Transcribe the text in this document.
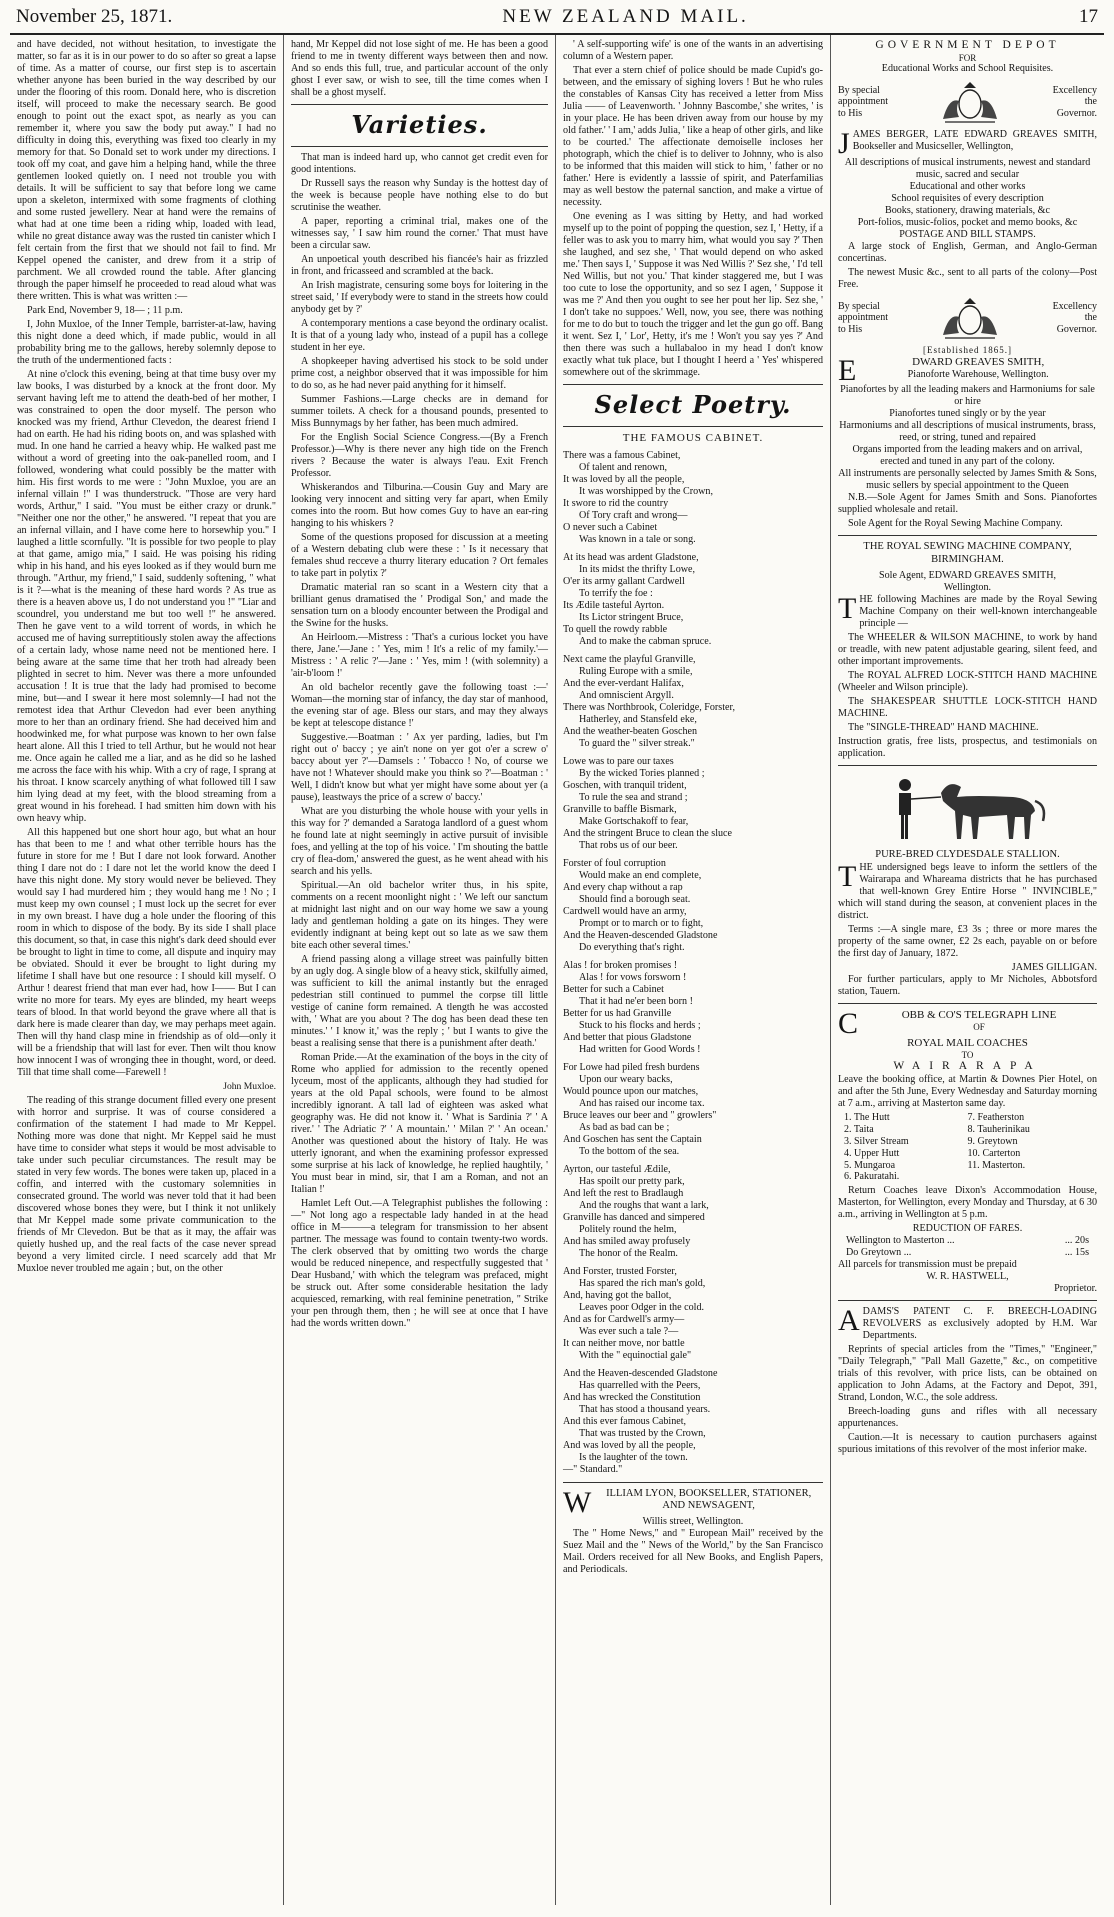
November 25, 1871.	NEW ZEALAND MAIL.	17

and have decided, not without hesitation, to investigate the matter, so far as it is in our power to do so after so great a lapse of time. As a matter of course, our first step is to ascertain whether anyone has been buried in the way described by our under the flooring of this room. Donald here, who is discretion itself, will proceed to make the necessary search. Be good enough to point out the exact spot, as nearly as you can remember it, where you saw the body put away." I had no difficulty in doing this, everything was fixed too clearly in my memory for that. So Donald set to work under my directions. I took off my coat, and gave him a helping hand, while the three gentlemen looked quietly on. I need not trouble you with details. It will be sufficient to say that before long we came upon a skeleton, intermixed with some fragments of clothing and some rusted jewellery. Near at hand were the remains of what had at one time been a riding whip, loaded with lead, while no great distance away was the rusted tin canister which I felt certain from the first that we should not fail to find. Mr Keppel opened the canister, and drew from it a strip of parchment. We all crowded round the table. After glancing through the paper himself he proceeded to read aloud what was there written. This is what was written :—

Park End, November 9, 18— ; 11 p.m.

I, John Muxloe, of the Inner Temple, barrister-at-law, having this night done a deed which, if made public, would in all probability bring me to the gallows, hereby solemnly depose to the truth of the undermentioned facts :

At nine o'clock this evening, being at that time busy over my law books, I was disturbed by a knock at the front door. My servant having left me to attend the death-bed of her mother, I was constrained to open the door myself. The person who knocked was my friend, Arthur Clevedon, the dearest friend I had on earth. He had his riding boots on, and was splashed with mud. In one hand he carried a heavy whip. He walked past me without a word of greeting into the oak-panelled room, and I followed, wondering what could possibly be the matter with him. His first words to me were : "John Muxloe, you are an infernal villain !" I was thunderstruck. "Those are very hard words, Arthur," I said. "You must be either crazy or drunk." "Neither one nor the other," he answered. "I repeat that you are an infernal villain, and I have come here to horsewhip you." I laughed a little scornfully. "It is possible for two people to play at that game, amigo mia," I said. He was poising his riding whip in his hand, and his eyes looked as if they would burn me through. "Arthur, my friend," I said, suddenly softening, " what is it ?—what is the meaning of these hard words ? As true as there is a heaven above us, I do not understand you !" "Liar and scoundrel, you understand me but too well !" he answered. Then he gave vent to a wild torrent of words, in which he accused me of having surreptitiously stolen away the affections of a certain lady, whose name need not be mentioned here. I being aware at the same time that her troth had already been plighted in secret to him. Never was there a more unfounded accusation ! It is true that the lady had promised to become mine, but—and I swear it here most solemnly—I had not the remotest idea that Arthur Clevedon had ever been anything more to her than an ordinary friend. She had deceived him and hoodwinked me, for what purpose was known to her own false heart alone. All this I tried to tell Arthur, but he would not hear me. Once again he called me a liar, and as he did so he lashed me across the face with his whip. With a cry of rage, I sprang at his throat. I know scarcely anything of what followed till I saw him lying dead at my feet, with the blood streaming from a great wound in his forehead. I had smitten him down with his own heavy whip.

All this happened but one short hour ago, but what an hour has that been to me ! and what other terrible hours has the future in store for me ! But I dare not look forward. Another thing I dare not do : I dare not let the world know the deed I have this night done. My story would never be believed. They would say I had murdered him ; they would hang me ! No ; I must keep my own counsel ; I must lock up the secret for ever in my own breast. I have dug a hole under the flooring of this room in which to dispose of the body. By its side I shall place this document, so that, in case this night's dark deed should ever be brought to light in time to come, all dispute and inquiry may be obviated. Should it ever be brought to light during my lifetime I shall have but one resource : I should kill myself. O Arthur ! dearest friend that man ever had, how I—— But I can write no more for tears. My eyes are blinded, my heart weeps tears of blood. In that world beyond the grave where all that is dark here is made clearer than day, we may perhaps meet again. Then will thy hand clasp mine in friendship as of old—only it will be a friendship that will last for ever. Then wilt thou know how innocent I was of wronging thee in thought, word, or deed. Till that time shall come—Farewell !

John Muxloe.

The reading of this strange document filled every one present with horror and surprise. It was of course considered a confirmation of the statement I had made to Mr Keppel. Nothing more was done that night. Mr Keppel said he must have time to consider what steps it would be most advisable to take under such peculiar circumstances. The result may be stated in very few words. The bones were taken up, placed in a coffin, and interred with the customary solemnities in consecrated ground. The world was never told that it had been discovered whose bones they were, but I think it not unlikely that Mr Keppel made some private communication to the friends of Mr Clevedon. But be that as it may, the affair was quietly hushed up, and the real facts of the case never spread beyond a very limited circle. I need scarcely add that Mr Muxloe never troubled me again ; but, on the other

hand, Mr Keppel did not lose sight of me. He has been a good friend to me in twenty different ways between then and now. And so ends this full, true, and particular account of the only ghost I ever saw, or wish to see, till the time comes when I shall be a ghost myself.

Varieties.

That man is indeed hard up, who cannot get credit even for good intentions.

Dr Russell says the reason why Sunday is the hottest day of the week is because people have nothing else to do but scrutinise the weather.

A paper, reporting a criminal trial, makes one of the witnesses say, ' I saw him round the corner.' That must have been a circular saw.

An unpoetical youth described his fiancée's hair as frizzled in front, and fricasseed and scrambled at the back.

An Irish magistrate, censuring some boys for loitering in the street said, ' If everybody were to stand in the streets how could anybody get by ?'

A contemporary mentions a case beyond the ordinary ocalist. It is that of a young lady who, instead of a pupil has a college student in her eye.

A shopkeeper having advertised his stock to be sold under prime cost, a neighbor observed that it was impossible for him to do so, as he had never paid anything for it himself.

Summer Fashions.—Large checks are in demand for summer toilets. A check for a thousand pounds, presented to Miss Bunnymags by her father, has been much admired.

For the English Social Science Congress.—(By a French Professor.)—Why is there never any high tide on the French rivers ? Because the water is always l'eau. Exit French Professor.

Whiskerandos and Tilburina.—Cousin Guy and Mary are looking very innocent and sitting very far apart, when Emily comes into the room. But how comes Guy to have an ear-ring hanging to his whiskers ?

Some of the questions proposed for discussion at a meeting of a Western debating club were these : ' Is it necessary that females shud recceve a thurry literary education ? Ort females to take part in polytix ?'

Dramatic material ran so scant in a Western city that a brilliant genus dramatised the ' Prodigal Son,' and made the sensation turn on a bloody encounter between the Prodigal and the Swine for the husks.

An Heirloom.—Mistress : 'That's a curious locket you have there, Jane.'—Jane : ' Yes, mim ! It's a relic of my family.'—Mistress : ' A relic ?'—Jane : ' Yes, mim ! (with solemnity) a 'air-b'loom !'

An old bachelor recently gave the following toast :—' Woman—the morning star of infancy, the day star of manhood, the evening star of age. Bless our stars, and may they always be kept at telescope distance !'

Suggestive.—Boatman : ' Ax yer parding, ladies, but I'm right out o' baccy ; ye ain't none on yer got o'er a screw o' baccy about yer ?'—Damsels : ' Tobacco ! No, of course we have not ! Whatever should make you think so ?'—Boatman : ' Well, I didn't know but what yer might have some about yer (a pause), leastways the price of a screw o' baccy.'

What are you disturbing the whole house with your yells in this way for ?' demanded a Saratoga landlord of a guest whom he found late at night seemingly in active pursuit of invisible foes, and yelling at the top of his voice. ' I'm shouting the battle cry of flea-dom,' answered the guest, as he went ahead with his search and his yells.

Spiritual.—An old bachelor writer thus, in his spite, comments on a recent moonlight night : ' We left our sanctum at midnight last night and on our way home we saw a young lady and gentleman holding a gate on its hinges. They were evidently indignant at being kept out so late as we saw them bite each other several times.'

A friend passing along a village street was painfully bitten by an ugly dog. A single blow of a heavy stick, skilfully aimed, was sufficient to kill the animal instantly but the enraged pedestrian still continued to pummel the corpse till little vestige of canine form remained. A tlength he was accosted with, ' What are you about ? The dog has been dead these ten minutes.' ' I know it,' was the reply ; ' but I wants to give the beast a realising sense that there is a punishment after death.'

Roman Pride.—At the examination of the boys in the city of Rome who applied for admission to the recently opened lyceum, most of the applicants, although they had studied for years at the old Papal schools, were found to be almost incredibly ignorant. A tall lad of eighteen was asked what geography was. He did not know it. ' What is Sardinia ?' ' A river.' ' The Adriatic ?' ' A mountain.' ' Milan ?' ' An ocean.' Another was questioned about the history of Italy. He was utterly ignorant, and when the examining professor expressed some surprise at his lack of knowledge, he replied haughtily, ' You must bear in mind, sir, that I am a Roman, and not an Italian !'

Hamlet Left Out.—A Telegraphist publishes the following :—" Not long ago a respectable lady handed in at the head office in M———a telegram for transmission to her absent partner. The message was found to contain twenty-two words. The clerk observed that by omitting two words the charge would be reduced ninepence, and respectfully suggested that ' Dear Husband,' with which the telegram was prefaced, might be struck out. After some considerable hesitation the lady acquiesced, remarking, with real feminine penetration, " Strike your pen through them, then ; he will see at once that I have had the words written down."

' A self-supporting wife' is one of the wants in an advertising column of a Western paper.

That ever a stern chief of police should be made Cupid's go-between, and the emissary of sighing lovers ! But he who rules the constables of Kansas City has received a letter from Miss Julia —— of Leavenworth. ' Johnny Bascombe,' she writes, ' is in your place. He has been driven away from our house by my old father.' ' I am,' adds Julia, ' like a heap of other girls, and like to be courted.' The affectionate demoiselle incloses her photograph, which the chief is to deliver to Johnny, who is also to be informed that this maiden will stick to him, ' father or no father.' Here is evidently a lasssie of spirit, and Paterfamilias may as well bestow the paternal sanction, and make a virtue of necessity.

One evening as I was sitting by Hetty, and had worked myself up to the point of popping the question, sez I, ' Hetty, if a feller was to ask you to marry him, what would you say ?' Then she laughed, and sez she, ' That would depend on who asked me.' Then says I, ' Suppose it was Ned Willis ?' Sez she, ' I'd tell Ned Willis, but not you.' That kinder staggered me, but I was too cute to lose the opportunity, and so sez I agen, ' Suppose it was me ?' And then you ought to see her pout her lip. Sez she, ' I don't take no suppoes.' Well, now, you see, there was nothing for me to do but to touch the trigger and let the gun go off. Bang it went. Sez I, ' Lor', Hetty, it's me ! Won't you say yes ?' And then there was such a hullabaloo in my head I don't know exactly what tuk place, but I thought I heerd a ' Yes' whispered somewhere out of the skrimmage.

Select Poetry.
THE FAMOUS CABINET.
There was a famous Cabinet,
Of talent and renown,
It was loved by all the people,
It was worshipped by the Crown,
It swore to rid the country
Of Tory craft and wrong—
O never such a Cabinet
Was known in a tale or song.
At its head was ardent Gladstone,
In its midst the thrifty Lowe,
O'er its army gallant Cardwell
To terrify the foe :
Its Ædile tasteful Ayrton.
Its Lictor stringent Bruce,
To quell the rowdy rabble
And to make the cabman spruce.
Next came the playful Granville,
Ruling Europe with a smile,
And the ever-verdant Halifax,
And omniscient Argyll.
There was Northbrook, Coleridge, Forster,
Hatherley, and Stansfeld eke,
And the weather-beaten Goschen
To guard the " silver streak."
Lowe was to pare our taxes
By the wicked Tories planned ;
Goschen, with tranquil trident,
To rule the sea and strand ;
Granville to baffle Bismark,
Make Gortschakoff to fear,
And the stringent Bruce to clean the sluce
That robs us of our beer.
Forster of foul corruption
Would make an end complete,
And every chap without a rap
Should find a borough seat.
Cardwell would have an army,
Prompt or to march or to fight,
And the Heaven-descended Gladstone
Do everything that's right.
Alas ! for broken promises !
Alas ! for vows forsworn !
Better for such a Cabinet
That it had ne'er been born !
Better for us had Granville
Stuck to his flocks and herds ;
And better that pious Gladstone
Had written for Good Words !
For Lowe had piled fresh burdens
Upon our weary backs,
Would pounce upon our matches,
And has raised our income tax.
Bruce leaves our beer and " growlers"
As bad as bad can be ;
And Goschen has sent the Captain
To the bottom of the sea.
Ayrton, our tasteful Ædile,
Has spoilt our pretty park,
And left the rest to Bradlaugh
And the roughs that want a lark,
Granville has danced and simpered
Politely round the helm,
And has smiled away profusely
The honor of the Realm.
And Forster, trusted Forster,
Has spared the rich man's gold,
And, having got the ballot,
Leaves poor Odger in the cold.
And as for Cardwell's army—
Was ever such a tale ?—
It can neither move, nor battle
With the " equinoctial gale"
And the Heaven-descended Gladstone
Has quarrelled with the Peers,
And has wrecked the Constitution
That has stood a thousand years.
And this ever famous Cabinet,
That was trusted by the Crown,
And was loved by all the people,
Is the laughter of the town.
—" Standard."
W	ILLIAM LYON, BOOKSELLER, STATIONER, AND NEWSAGENT,
Willis street, Wellington.

The " Home News," and " European Mail" received by the Suez Mail and the " News of the World," by the San Francisco Mail. Orders received for all New Books, and English Papers, and Periodicals.

GOVERNMENT DEPOT
FOR
Educational Works and School Requisites.
By special
appointment
to His
Excellency
the
Governor.
J AMES BERGER, LATE EDWARD GREAVES SMITH, Bookseller and Musicseller, Wellington,
All descriptions of musical instruments, newest and standard music, sacred and secular
Educational and other works
School requisites of every description
Books, stationery, drawing materials, &c
Port-folios, music-folios, pocket and memo books, &c
POSTAGE AND BILL STAMPS.

A large stock of English, German, and Anglo-German concertinas.

The newest Music &c., sent to all parts of the colony—Post Free.

By special
appointment
to His
Excellency
the
Governor.
[Established 1865.]
E	DWARD GREAVES SMITH,
Pianoforte Warehouse, Wellington.
Pianofortes by all the leading makers and Harmoniums for sale or hire
Pianofortes tuned singly or by the year
Harmoniums and all descriptions of musical instruments, brass, reed, or string, tuned and repaired
Organs imported from the leading makers and on arrival, erected and tuned in any part of the colony.
All instruments are personally selected by James Smith & Sons, music sellers by special appointment to the Queen

N.B.—Sole Agent for James Smith and Sons. Pianofortes supplied wholesale and retail.

Sole Agent for the Royal Sewing Machine Company.

THE ROYAL SEWING MACHINE COMPANY, BIRMINGHAM.
Sole Agent, EDWARD GREAVES SMITH,
Wellington.
T HE following Machines are made by the Royal Sewing Machine Company on their well-known interchangeable principle —

The WHEELER & WILSON MACHINE, to work by hand or treadle, with new patent adjustable gearing, silent feed, and other important improvements.

The ROYAL ALFRED LOCK-STITCH HAND MACHINE (Wheeler and Wilson principle).

The SHAKESPEAR SHUTTLE LOCK-STITCH HAND MACHINE.

The "SINGLE-THREAD" HAND MACHINE.

Instruction gratis, free lists, prospectus, and testimonials on application.

PURE-BRED CLYDESDALE STALLION.
T HE undersigned begs leave to inform the settlers of the Wairarapa and Whareama districts that he has purchased that well-known Grey Entire Horse " INVINCIBLE," which will stand during the season, at convenient places in the district.

Terms :—A single mare, £3 3s ; three or more mares the property of the same owner, £2 2s each, payable on or before the first day of January, 1872.

JAMES GILLIGAN.

For further particulars, apply to Mr Nicholes, Abbotsford station, Tauern.

C	OBB & CO'S TELEGRAPH LINE
OF
ROYAL MAIL COACHES
TO
WAIRARAPA

Leave the booking office, at Martin & Downes Pier Hotel, on and after the 5th June, Every Wednesday and Saturday morning at 7 a.m., arriving at Masterton same day.

1. The Hutt	7. Featherston
2. Taita	8. Tauherinikau
3. Silver Stream	9. Greytown
4. Upper Hutt	10. Carterton
5. Mungaroa	11. Masterton.
6. Pakuratahi.

Return Coaches leave Dixon's Accommodation House, Masterton, for Wellington, every Monday and Thursday, at 6 30 a.m., arriving in Wellington at 5 p.m.

REDUCTION OF FARES.
Wellington to Masterton ...	... 20s
Do Greytown ...	... 15s
All parcels for transmission must be prepaid
W. R. HASTWELL,
Proprietor.
A DAMS'S PATENT C. F. BREECH-LOADING REVOLVERS as exclusively adopted by H.M. War Departments.

Reprints of special articles from the "Times," "Engineer," "Daily Telegraph," "Pall Mall Gazette," &c., on competitive trials of this revolver, with price lists, can be obtained on application to John Adams, at the Factory and Depot, 391, Strand, London, W.C., the sole address.

Breech-loading guns and rifles with all necessary appurtenances.

Caution.—It is necessary to caution purchasers against spurious imitations of this revolver of the most inferior make.
